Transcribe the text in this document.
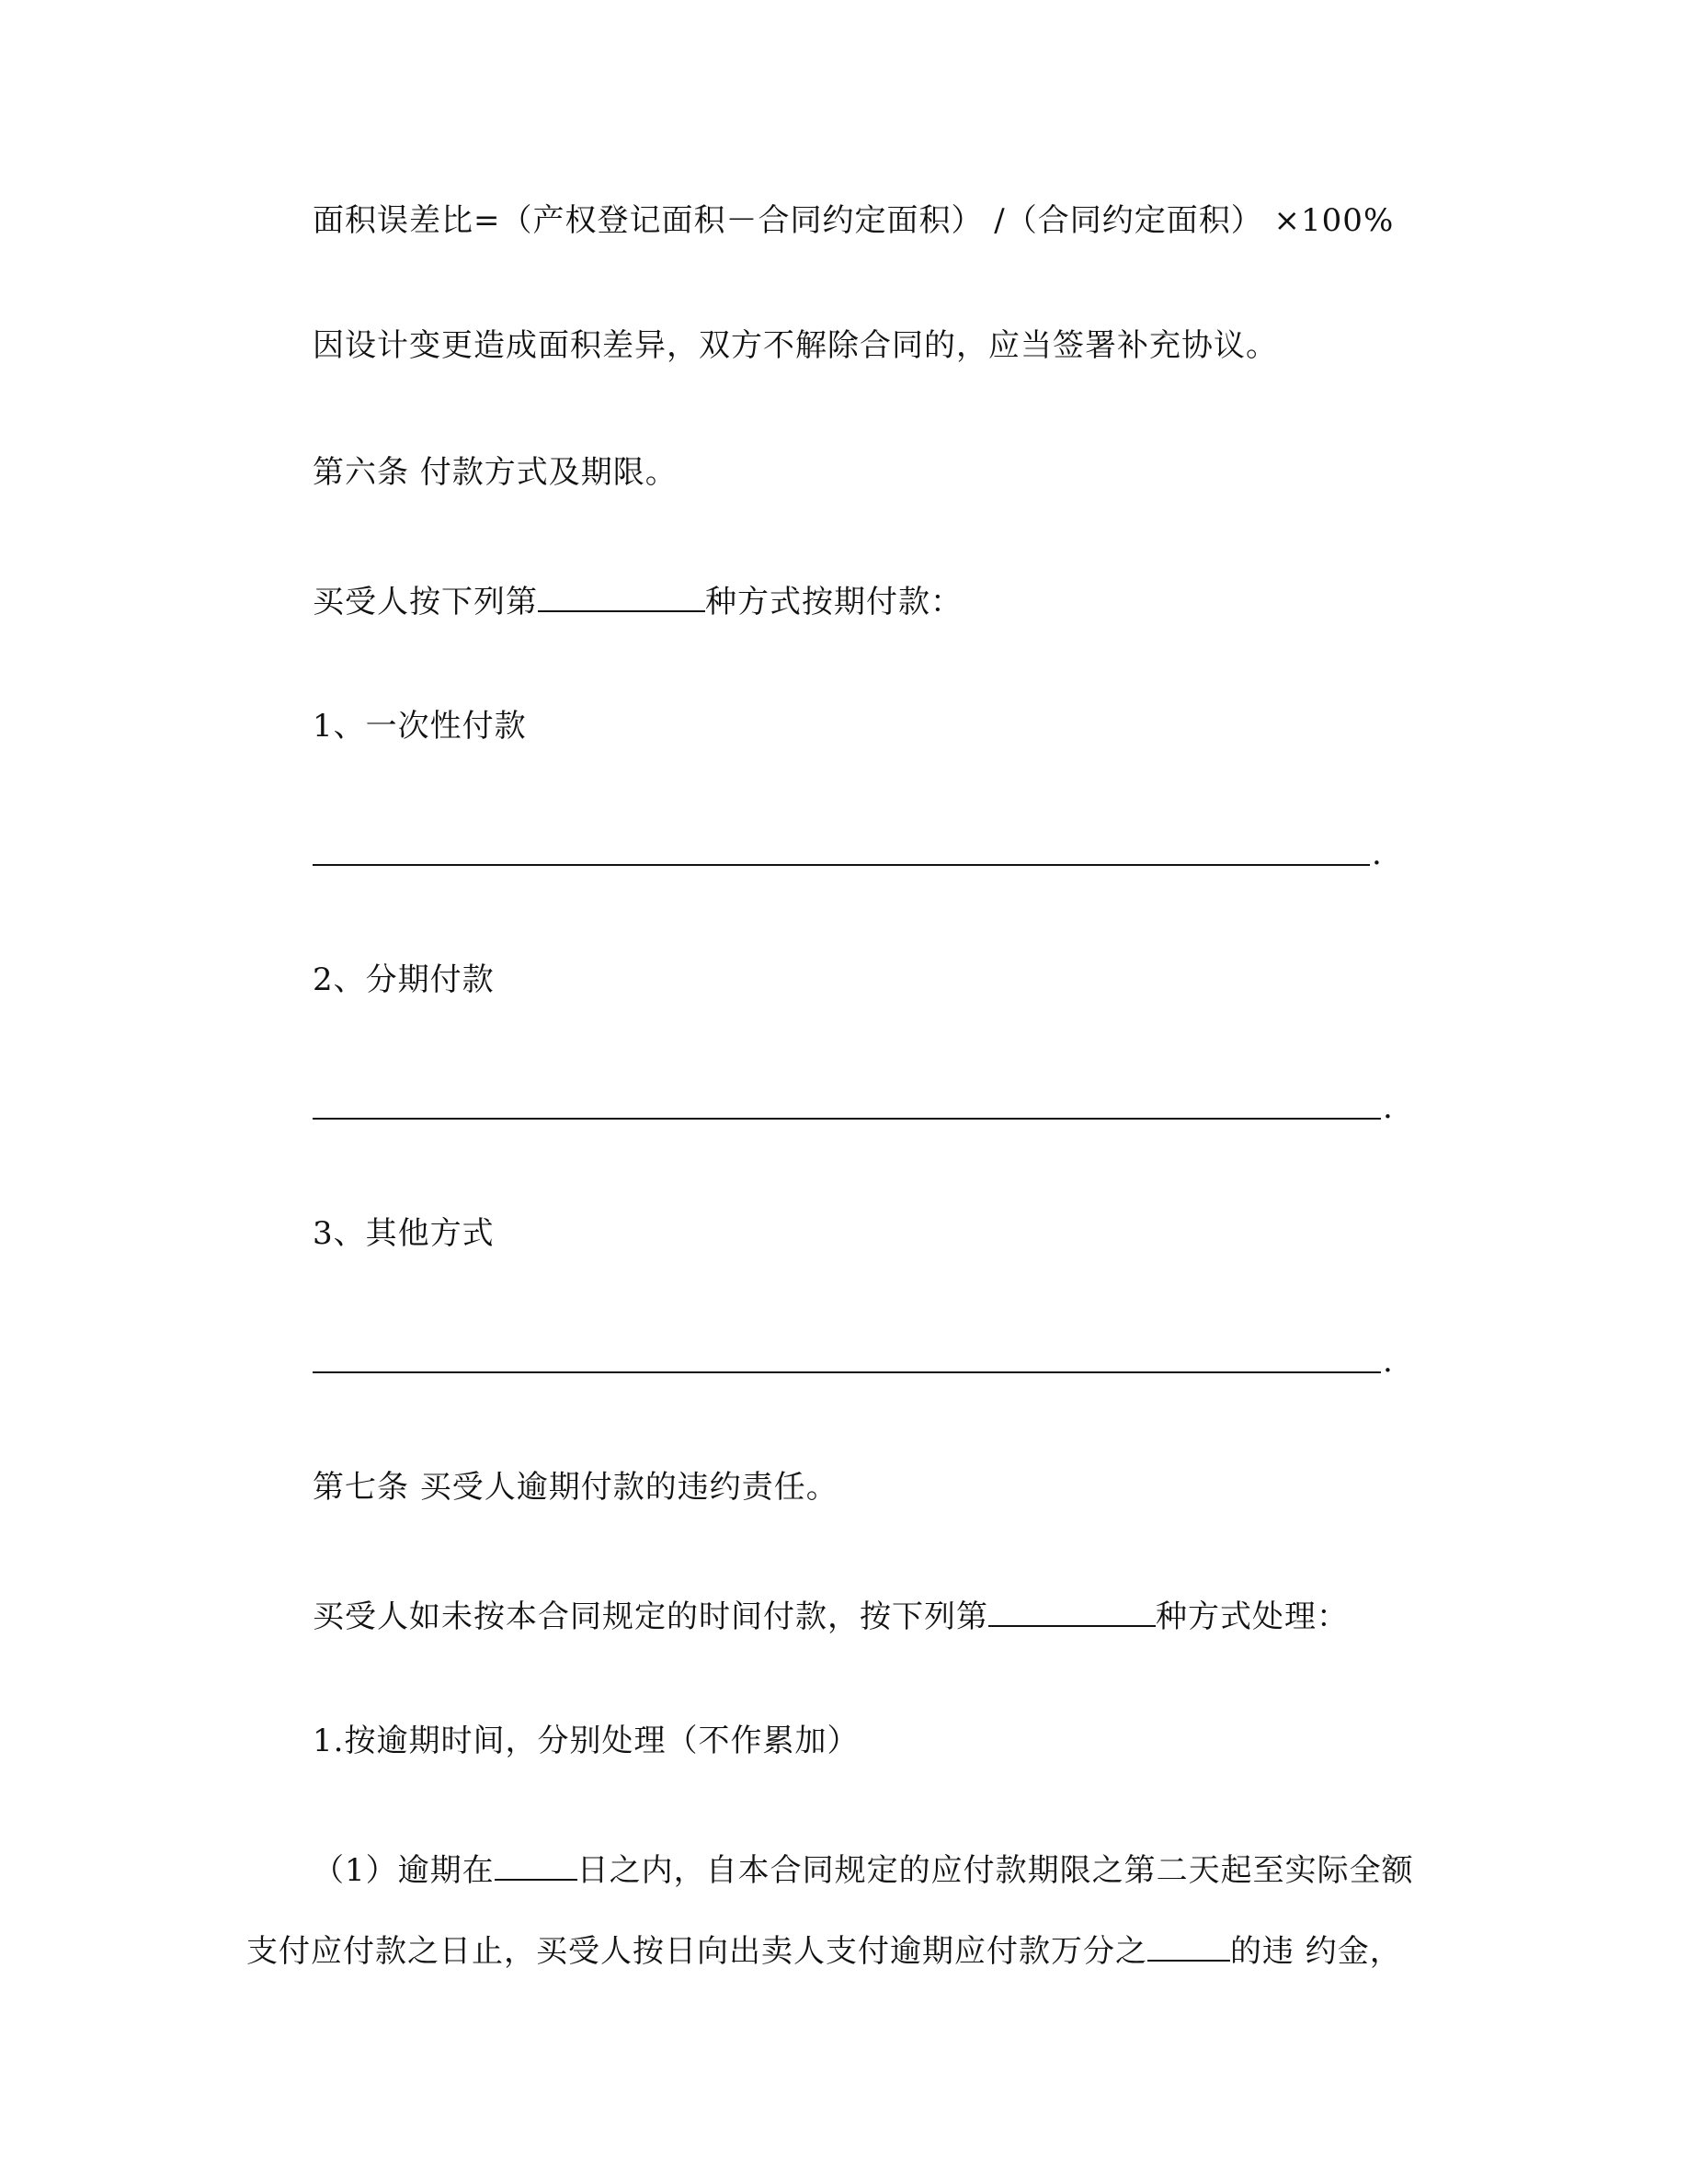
面积误差比=（产权登记面积－合同约定面积） /（合同约定面积） ×100%
因设计变更造成面积差异，双方不解除合同的，应当签署补充协议。
第六条 付款方式及期限。
买受人按下列第	种方式按期付款：
1、一次性付款
.
2、分期付款
.
3、其他方式
.
第七条 买受人逾期付款的违约责任。
买受人如未按本合同规定的时间付款，按下列第	种方式处理：
1.按逾期时间，分别处理（不作累加）
（1）逾期在	日之内，自本合同规定的应付款期限之第二天起至实际全额
支付应付款之日止，买受人按日向出卖人支付逾期应付款万分之	的违 约金，
